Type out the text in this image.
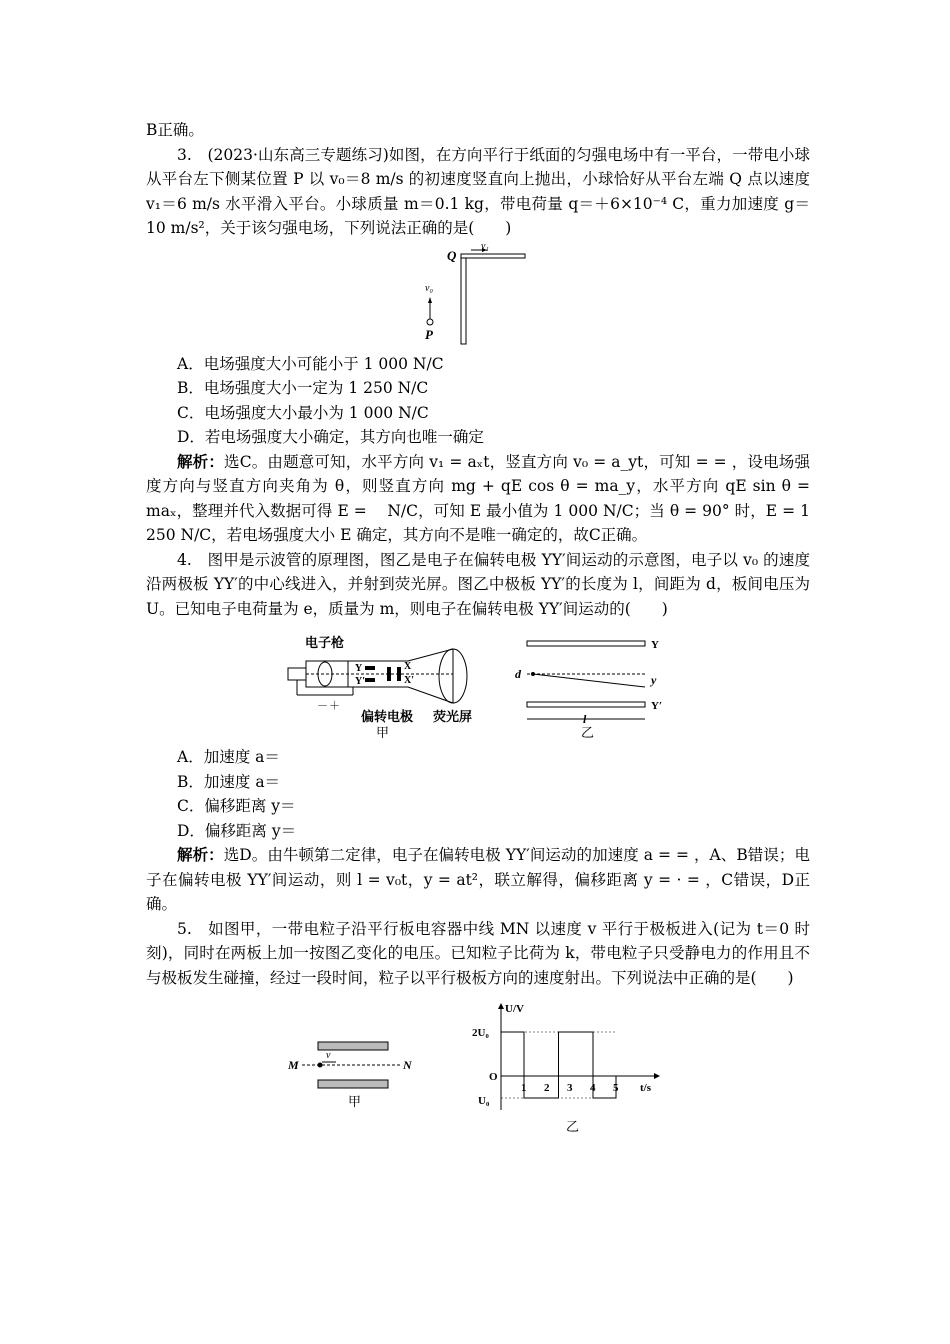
B正确。

3.　(2023·山东高三专题练习)如图，在方向平行于纸面的匀强电场中有一平台，一带电小球从平台左下侧某位置 P 以 v₀＝8 m/s 的初速度竖直向上抛出，小球恰好从平台左端 Q 点以速度 v₁＝6 m/s 水平滑入平台。小球质量 m＝0.1 kg，带电荷量 q＝＋6×10⁻⁴ C，重力加速度 g＝10 m/s²，关于该匀强电场，下列说法正确的是(　　)

Q
v₁
v₀
P

A．电场强度大小可能小于 1 000 N/C

B．电场强度大小一定为 1 250 N/C

C．电场强度大小最小为 1 000 N/C

D．若电场强度大小确定，其方向也唯一确定

解析：选C。由题意可知，水平方向 v₁ = aₓt，竖直方向 v₀ = a_yt，可知 = = ，设电场强度方向与竖直方向夹角为 θ，则竖直方向 mg + qE cos θ = ma_y，水平方向 qE sin θ = maₓ，整理并代入数据可得 E = 　N/C，可知 E 最小值为 1 000 N/C；当 θ = 90° 时，E = 1 250 N/C，若电场强度大小 E 确定，其方向不是唯一确定的，故C正确。

4.　图甲是示波管的原理图，图乙是电子在偏转电极 YY′间运动的示意图，电子以 v₀ 的速度沿两极板 YY′的中心线进入，并射到荧光屏。图乙中极板 YY′的长度为 l，间距为 d，板间电压为 U。已知电子电荷量为 e，质量为 m，则电子在偏转电极 YY′间运动的(　　)

电子枪
Y
Y′
X
X′
－ ＋
偏转电极 荧光屏
甲
Y
Y′
d	y
l
乙

A．加速度 a＝

B．加速度 a＝

C．偏移距离 y＝

D．偏移距离 y＝

解析：选D。由牛顿第二定律，电子在偏转电极 YY′间运动的加速度 a = = ，A、B错误；电子在偏转电极 YY′间运动，则 l = v₀t，y = at²，联立解得，偏移距离 y = · = ，C错误，D正确。

5.　如图甲，一带电粒子沿平行板电容器中线 MN 以速度 v 平行于极板进入(记为 t＝0 时刻)，同时在两板上加一按图乙变化的电压。已知粒子比荷为 k，带电粒子只受静电力的作用且不与极板发生碰撞，经过一段时间，粒子以平行极板方向的速度射出。下列说法中正确的是(　　)

v
M	N
甲
U/V
t/s
2U₀
U₀
O
1 2 3 4 5
乙
